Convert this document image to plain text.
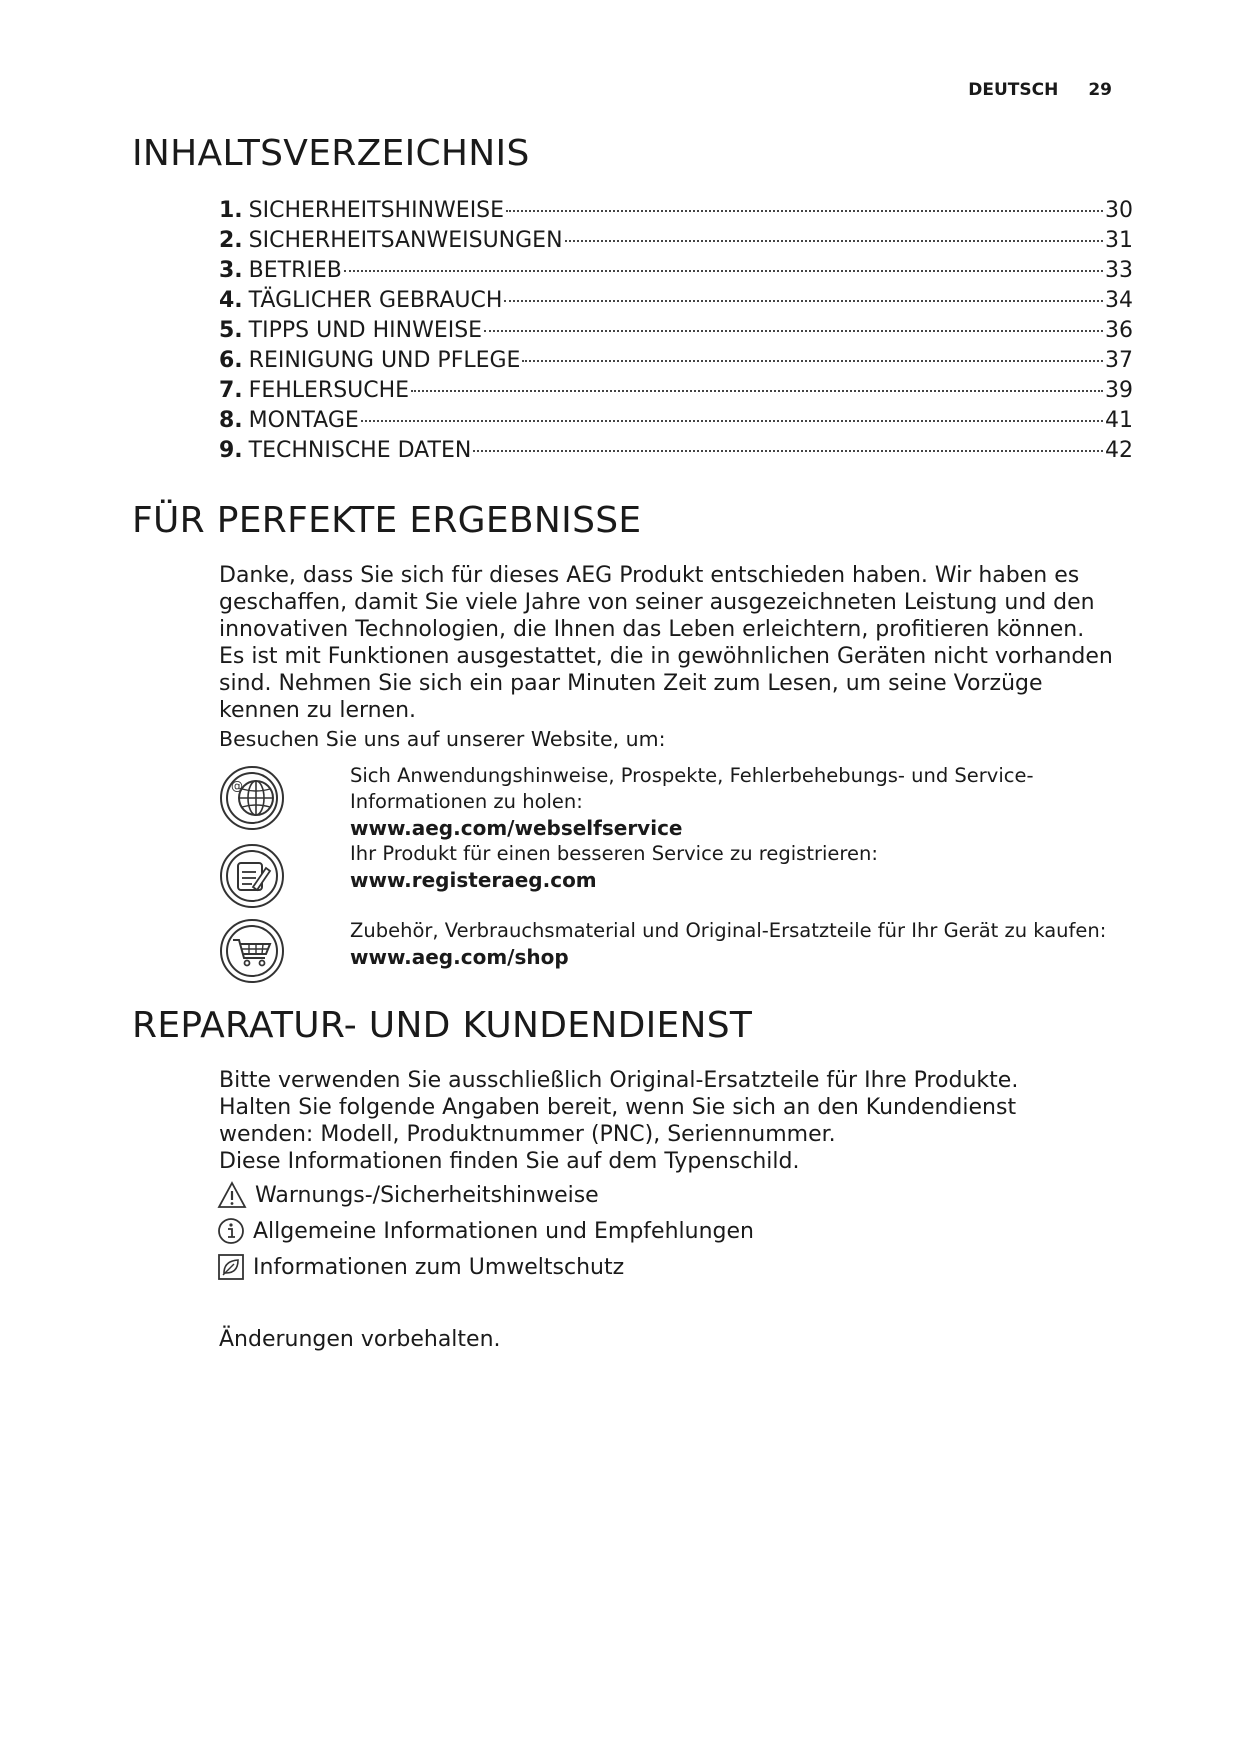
DEUTSCH 29
INHALTSVERZEICHNIS
1. SICHERHEITSHINWEISE	30
2. SICHERHEITSANWEISUNGEN	31
3. BETRIEB	33
4. TÄGLICHER GEBRAUCH	34
5. TIPPS UND HINWEISE	36
6. REINIGUNG UND PFLEGE	37
7. FEHLERSUCHE	39
8. MONTAGE	41
9. TECHNISCHE DATEN	42
FÜR PERFEKTE ERGEBNISSE

Danke, dass Sie sich für dieses AEG Produkt entschieden haben. Wir haben es

geschaffen, damit Sie viele Jahre von seiner ausgezeichneten Leistung und den

innovativen Technologien, die Ihnen das Leben erleichtern, profitieren können.

Es ist mit Funktionen ausgestattet, die in gewöhnlichen Geräten nicht vorhanden

sind. Nehmen Sie sich ein paar Minuten Zeit zum Lesen, um seine Vorzüge

kennen zu lernen.

Besuchen Sie uns auf unserer Website, um:

@	Sich Anwendungshinweise, Prospekte, Fehlerbehebungs- und Service-
Informationen zu holen:
www.aeg.com/webselfservice
Ihr Produkt für einen besseren Service zu registrieren:
www.registeraeg.com
Zubehör, Verbrauchsmaterial und Original-Ersatzteile für Ihr Gerät zu kaufen:
www.aeg.com/shop
REPARATUR- UND KUNDENDIENST

Bitte verwenden Sie ausschließlich Original-Ersatzteile für Ihre Produkte.

Halten Sie folgende Angaben bereit, wenn Sie sich an den Kundendienst

wenden: Modell, Produktnummer (PNC), Seriennummer.

Diese Informationen finden Sie auf dem Typenschild.

Warnungs-/Sicherheitshinweise
Allgemeine Informationen und Empfehlungen
Informationen zum Umweltschutz
Änderungen vorbehalten.
